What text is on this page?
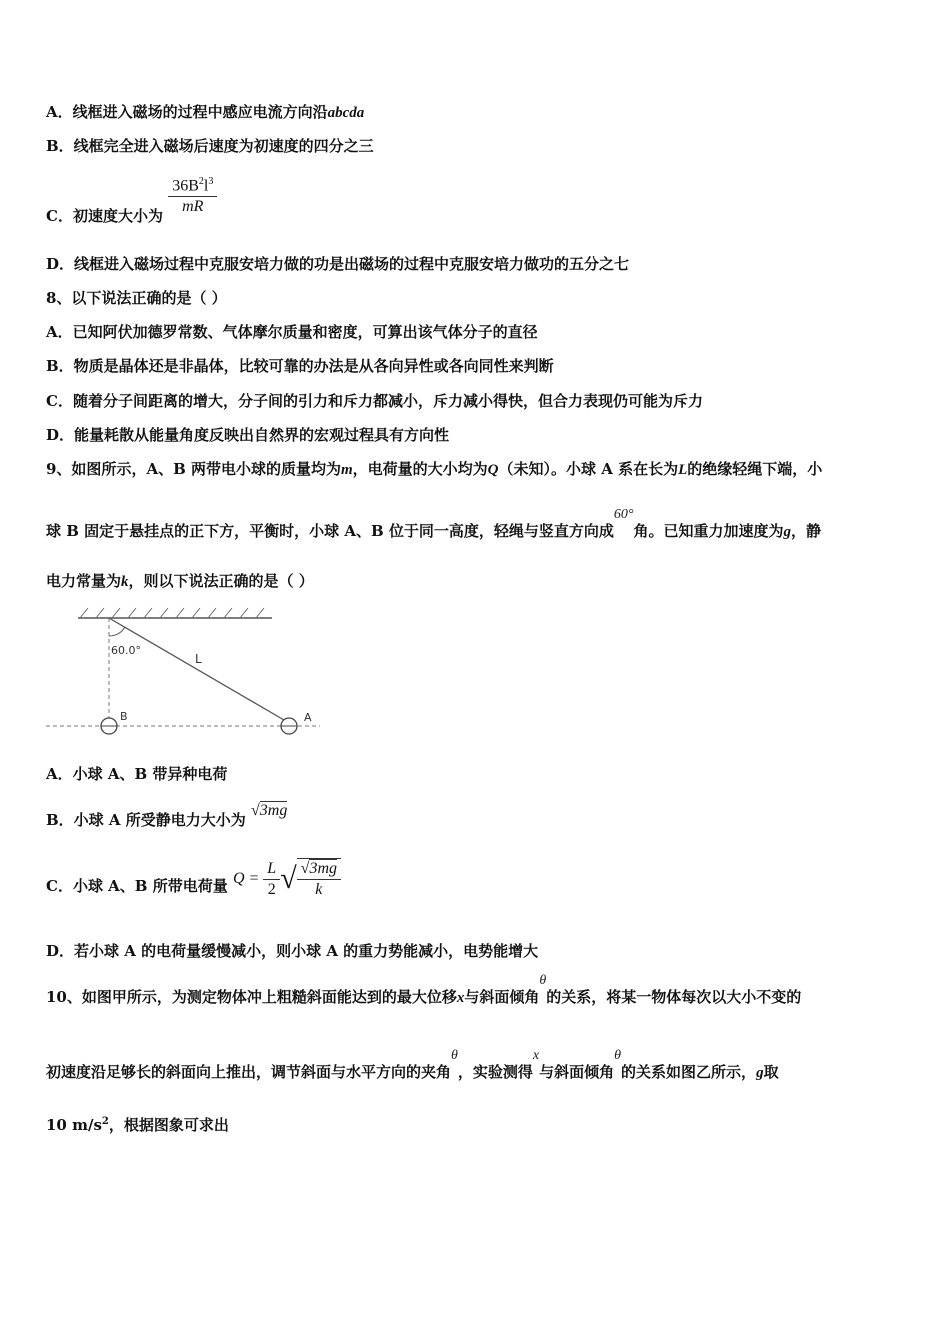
A．线框进入磁场的过程中感应电流方向沿abcda
B．线框完全进入磁场后速度为初速度的四分之三
C．初速度大小为 $\frac{36B^2l^3}{mR}$
D．线框进入磁场过程中克服安培力做的功是出磁场的过程中克服安培力做功的五分之七
8、以下说法正确的是（ ）
A．已知阿伏加德罗常数、气体摩尔质量和密度，可算出该气体分子的直径
B．物质是晶体还是非晶体，比较可靠的办法是从各向异性或各向同性来判断
C．随着分子间距离的增大，分子间的引力和斥力都减小，斥力减小得快，但合力表现仍可能为斥力
D．能量耗散从能量角度反映出自然界的宏观过程具有方向性
9、如图所示，A、B 两带电小球的质量均为m，电荷量的大小均为Q（未知）。小球 A 系在长为L的绝缘轻绳下端，小
球 B 固定于悬挂点的正下方，平衡时，小球 A、B 位于同一高度，轻绳与竖直方向成60°角。已知重力加速度为g，静
电力常量为k，则以下说法正确的是（ ）
60.0°
L
B	A
A．小球 A、B 带异种电荷
B．小球 A 所受静电力大小为 √3mg
C．小球 A、B 所带电荷量 $Q = \frac{L}{2}$ √ $\frac{√3mg}{k}$
D．若小球 A 的电荷量缓慢减小，则小球 A 的重力势能减小，电势能增大
10、如图甲所示，为测定物体冲上粗糙斜面能达到的最大位移x与斜面倾角θ的关系，将某一物体每次以大小不变的
初速度沿足够长的斜面向上推出，调节斜面与水平方向的夹角θ，实验测得x与斜面倾角θ的关系如图乙所示，g取
10 $m/s^2$，根据图象可求出
